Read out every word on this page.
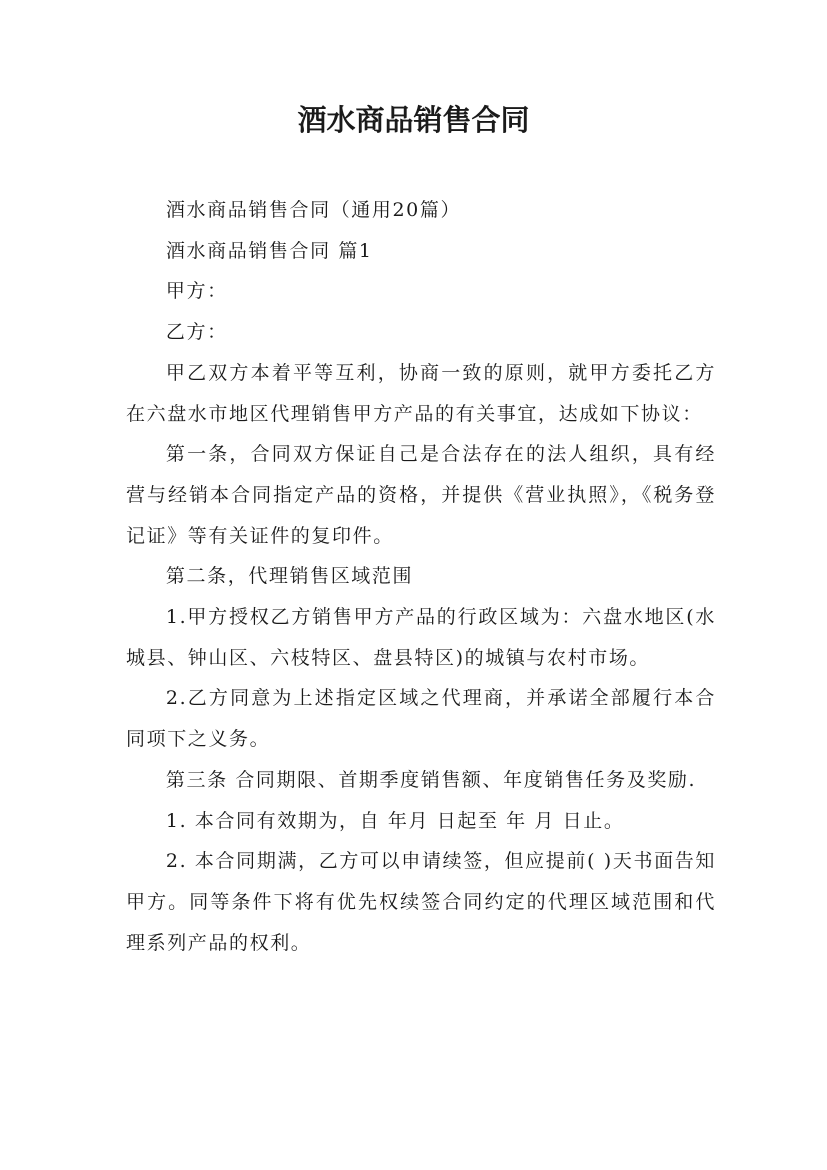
酒水商品销售合同

酒水商品销售合同（通用20篇）

酒水商品销售合同 篇1

甲方：

乙方：

甲乙双方本着平等互利，协商一致的原则，就甲方委托乙方在六盘水市地区代理销售甲方产品的有关事宜，达成如下协议：

第一条，合同双方保证自己是合法存在的法人组织，具有经营与经销本合同指定产品的资格，并提供《营业执照》，《税务登记证》等有关证件的复印件。

第二条，代理销售区域范围

1.甲方授权乙方销售甲方产品的行政区域为：六盘水地区(水城县、钟山区、六枝特区、盘县特区)的城镇与农村市场。

2.乙方同意为上述指定区域之代理商，并承诺全部履行本合同项下之义务。

第三条 合同期限、首期季度销售额、年度销售任务及奖励.

1. 本合同有效期为，自 年月 日起至 年 月 日止。

2. 本合同期满，乙方可以申请续签，但应提前( )天书面告知甲方。同等条件下将有优先权续签合同约定的代理区域范围和代理系列产品的权利。
